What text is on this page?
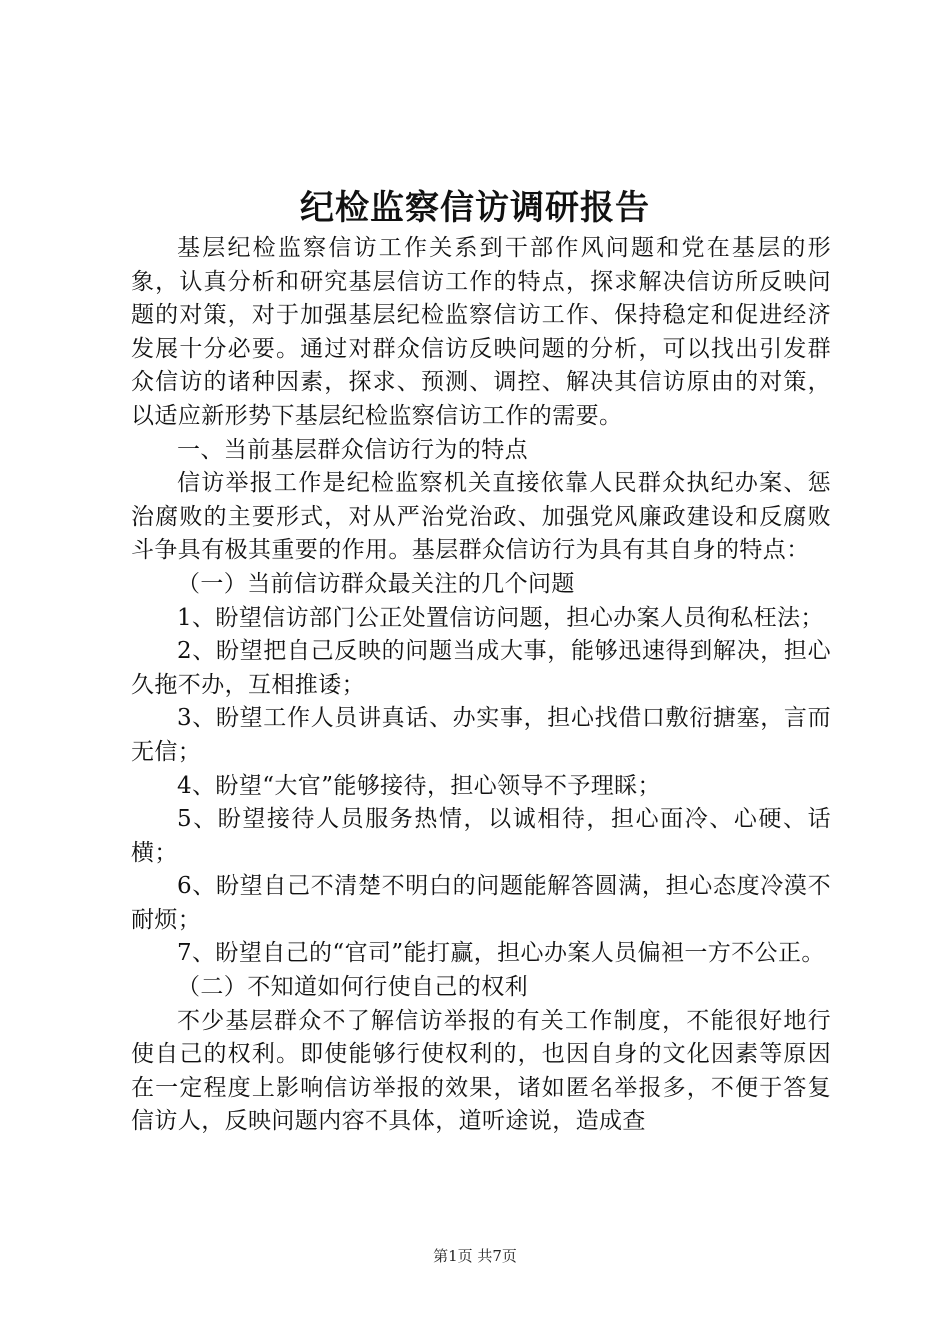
纪检监察信访调研报告

基层纪检监察信访工作关系到干部作风问题和党在基层的形象，认真分析和研究基层信访工作的特点，探求解决信访所反映问题的对策，对于加强基层纪检监察信访工作、保持稳定和促进经济发展十分必要。通过对群众信访反映问题的分析，可以找出引发群众信访的诸种因素，探求、预测、调控、解决其信访原由的对策，以适应新形势下基层纪检监察信访工作的需要。

一、当前基层群众信访行为的特点

信访举报工作是纪检监察机关直接依靠人民群众执纪办案、惩治腐败的主要形式，对从严治党治政、加强党风廉政建设和反腐败斗争具有极其重要的作用。基层群众信访行为具有其自身的特点：

（一）当前信访群众最关注的几个问题

1、盼望信访部门公正处置信访问题，担心办案人员徇私枉法；

2、盼望把自己反映的问题当成大事，能够迅速得到解决，担心久拖不办，互相推诿；

3、盼望工作人员讲真话、办实事，担心找借口敷衍搪塞，言而无信；

4、盼望“大官”能够接待，担心领导不予理睬；

5、盼望接待人员服务热情，以诚相待，担心面冷、心硬、话横；

6、盼望自己不清楚不明白的问题能解答圆满，担心态度冷漠不耐烦；

7、盼望自己的“官司”能打赢，担心办案人员偏袒一方不公正。

（二）不知道如何行使自己的权利

不少基层群众不了解信访举报的有关工作制度，不能很好地行使自己的权利。即使能够行使权利的，也因自身的文化因素等原因在一定程度上影响信访举报的效果，诸如匿名举报多，不便于答复信访人，反映问题内容不具体，道听途说，造成查

第1页 共7页
